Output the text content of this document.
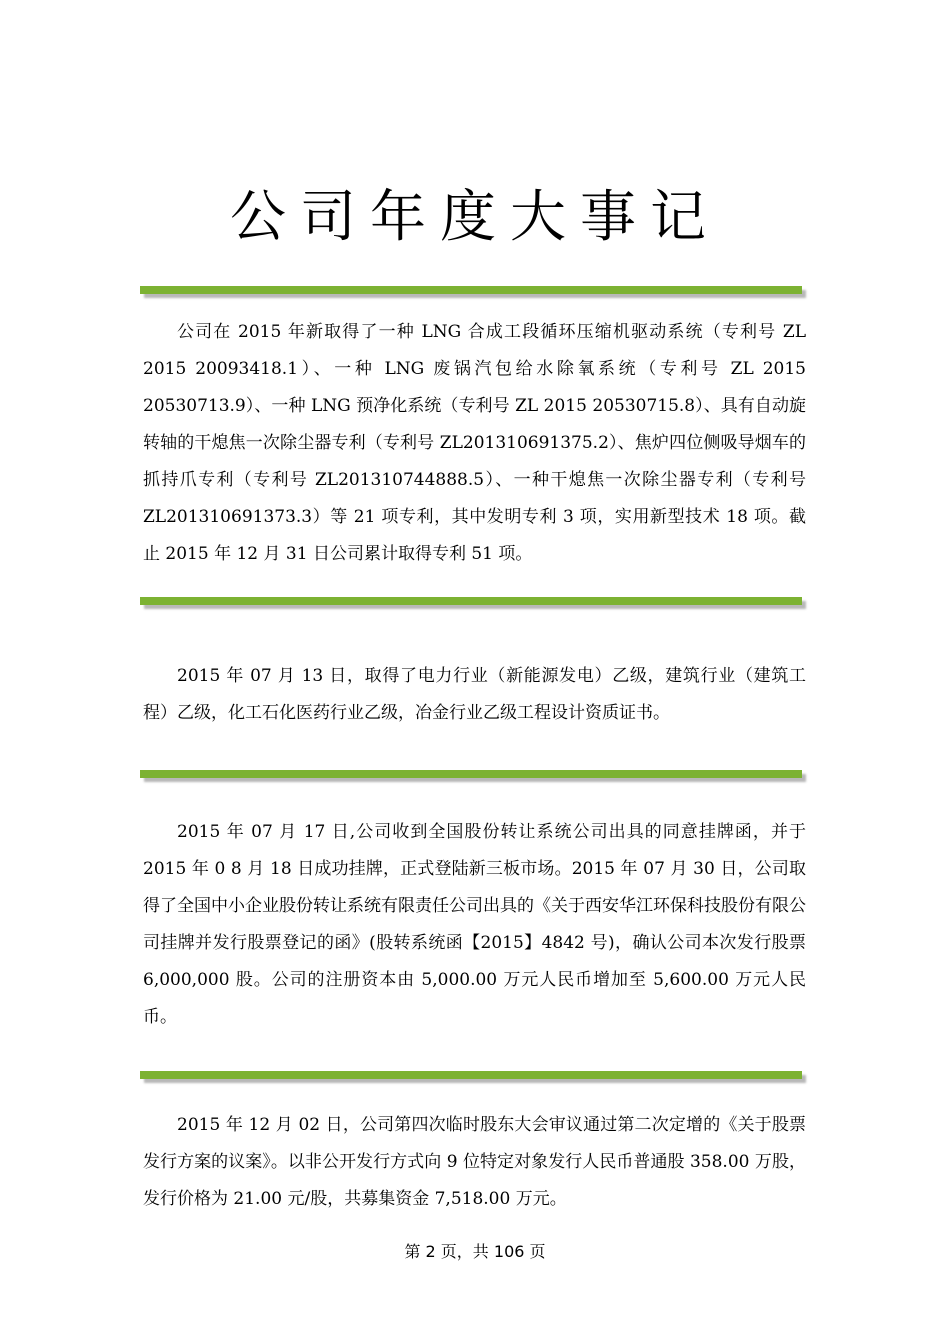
公司年度大事记

公司在 2015 年新取得了一种 LNG 合成工段循环压缩机驱动系统（专利号 ZL 2015 20093418.1）、一种 LNG 废锅汽包给水除氧系统（专利号 ZL 2015 20530713.9）、一种 LNG 预净化系统（专利号 ZL 2015 20530715.8）、具有自动旋转轴的干熄焦一次除尘器专利（专利号 ZL201310691375.2）、焦炉四位侧吸导烟车的抓持爪专利（专利号 ZL201310744888.5）、一种干熄焦一次除尘器专利（专利号 ZL201310691373.3）等 21 项专利，其中发明专利 3 项，实用新型技术 18 项。截止 2015 年 12 月 31 日公司累计取得专利 51 项。

2015 年 07 月 13 日，取得了电力行业（新能源发电）乙级，建筑行业（建筑工程）乙级，化工石化医药行业乙级，冶金行业乙级工程设计资质证书。

2015 年 07 月 17 日,公司收到全国股份转让系统公司出具的同意挂牌函，并于 2015 年 0 8 月 18 日成功挂牌，正式登陆新三板市场。2015 年 07 月 30 日，公司取得了全国中小企业股份转让系统有限责任公司出具的《关于西安华江环保科技股份有限公司挂牌并发行股票登记的函》(股转系统函【2015】4842 号)，确认公司本次发行股票 6,000,000 股。公司的注册资本由 5,000.00 万元人民币增加至 5,600.00 万元人民币。

2015 年 12 月 02 日，公司第四次临时股东大会审议通过第二次定增的《关于股票发行方案的议案》。以非公开发行方式向 9 位特定对象发行人民币普通股 358.00 万股，发行价格为 21.00 元/股，共募集资金 7,518.00 万元。

第 2 页，共 106 页
